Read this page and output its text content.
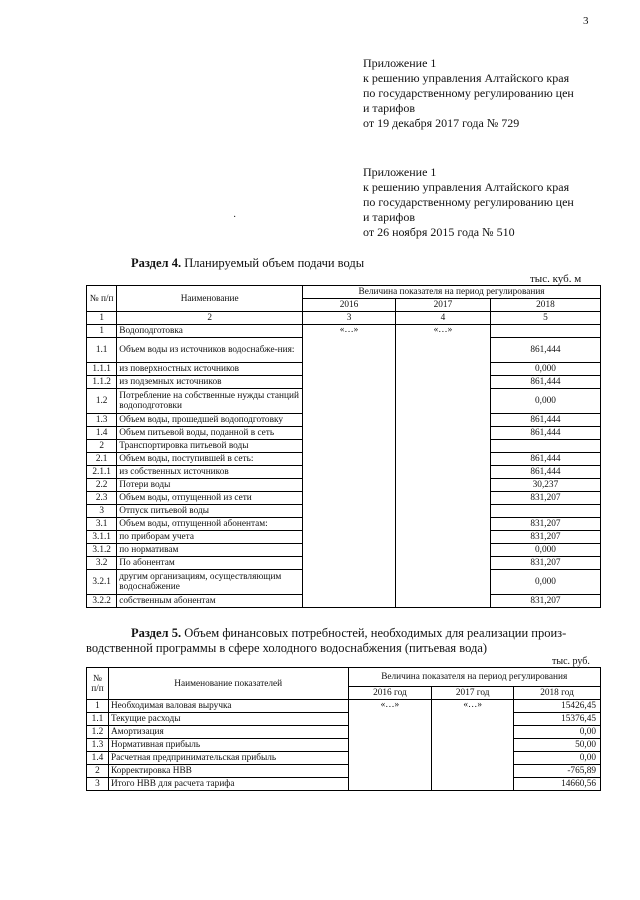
3
Приложение 1
к решению управления Алтайского края
по государственному регулированию цен
и тарифов
от 19 декабря 2017 года № 729
Приложение 1
к решению управления Алтайского края
по государственному регулированию цен
и тарифов
от 26 ноября 2015 года № 510
·
Раздел 4. Планируемый объем подачи воды
тыс. куб. м
№ п/п	Наименование	Величина показателя на период регулирования		
		2016	2017	2018
1	2	3	4	5
1	Водоподготовка	«…»	«…»	
1.1	Объем воды из источников водоснабже-ния:			861,444
1.1.1	из поверхностных источников			0,000
1.1.2	из подземных источников			861,444
1.2	Потребление на собственные нужды станций водоподготовки			0,000
1.3	Объем воды, прошедшей водоподготовку			861,444
1.4	Объем питьевой воды, поданной в сеть			861,444
2	Транспортировка питьевой воды			
2.1	Объем воды, поступившей в сеть:			861,444
2.1.1	из собственных источников			861,444
2.2	Потери воды			30,237
2.3	Объем воды, отпущенной из сети			831,207
3	Отпуск питьевой воды			
3.1	Объем воды, отпущенной абонентам:			831,207
3.1.1	по приборам учета			831,207
3.1.2	по нормативам			0,000
3.2	По абонентам			831,207
3.2.1	другим организациям, осуществляющим водоснабжение			0,000
3.2.2	собственным абонентам			831,207
Раздел 5. Объем финансовых потребностей, необходимых для реализации произ-
водственной программы в сфере холодного водоснабжения (питьевая вода)
тыс. руб.
№ п/п	Наименование показателей	Величина показателя на период регулирования		
		2016 год	2017 год	2018 год
1	Необходимая валовая выручка	«…»	«…»	15426,45
1.1	Текущие расходы			15376,45
1.2	Амортизация			0,00
1.3	Нормативная прибыль			50,00
1.4	Расчетная предпринимательская прибыль			0,00
2	Корректировка НВВ			-765,89
3	Итого НВВ для расчета тарифа			14660,56
